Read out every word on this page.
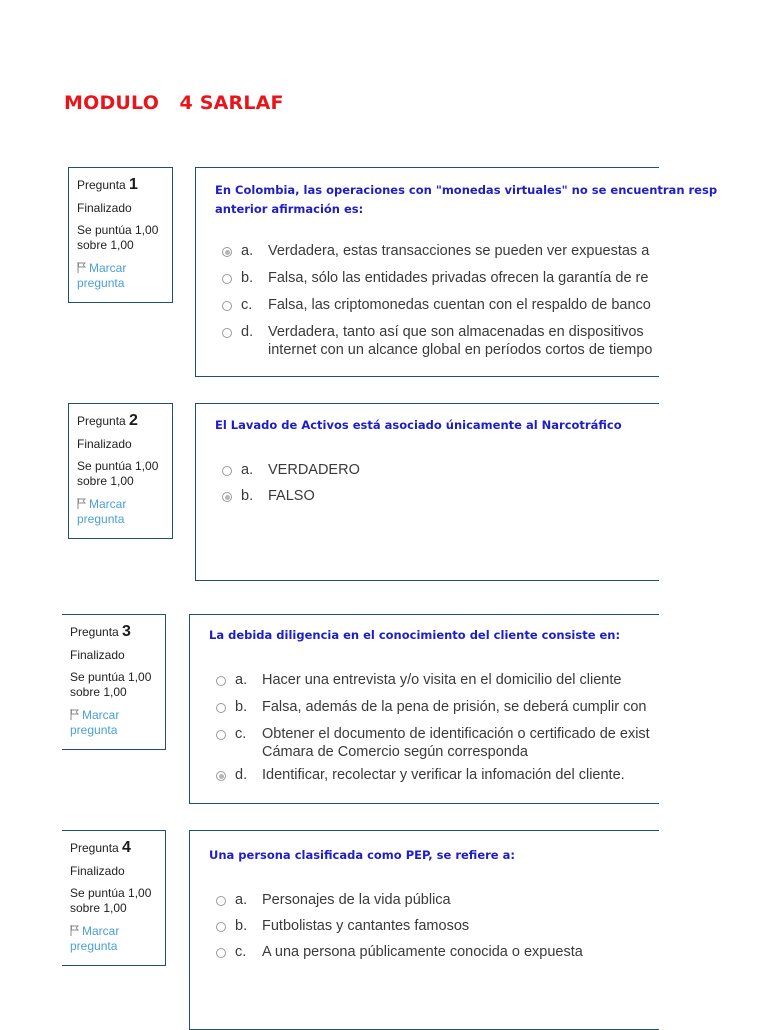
MODULO   4 SARLAF
Pregunta 1
Finalizado
Se puntúa 1,00
sobre 1,00
Marcar
pregunta
En Colombia, las operaciones con "monedas virtuales" no se encuentran resp
anterior afirmación es:
a.	Verdadera, estas transacciones se pueden ver expuestas a
b.	Falsa, sólo las entidades privadas ofrecen la garantía de re
c.	Falsa, las criptomonedas cuentan con el respaldo de banco
d.	Verdadera, tanto así que son almacenadas en dispositivos
internet con un alcance global en períodos cortos de tiempo
Pregunta 2
Finalizado
Se puntúa 1,00
sobre 1,00
Marcar
pregunta
El Lavado de Activos está asociado únicamente al Narcotráfico
a.	VERDADERO
b.	FALSO
Pregunta 3
Finalizado
Se puntúa 1,00
sobre 1,00
Marcar
pregunta
La debida diligencia en el conocimiento del cliente consiste en:
a.	Hacer una entrevista y/o visita en el domicilio del cliente
b.	Falsa, además de la pena de prisión, se deberá cumplir con
c.	Obtener el documento de identificación o certificado de exist
Cámara de Comercio según corresponda
d.	Identificar, recolectar y verificar la infomación del cliente.
Pregunta 4
Finalizado
Se puntúa 1,00
sobre 1,00
Marcar
pregunta
Una persona clasificada como PEP, se refiere a:
a.	Personajes de la vida pública
b.	Futbolistas y cantantes famosos
c.	A una persona públicamente conocida o expuesta
